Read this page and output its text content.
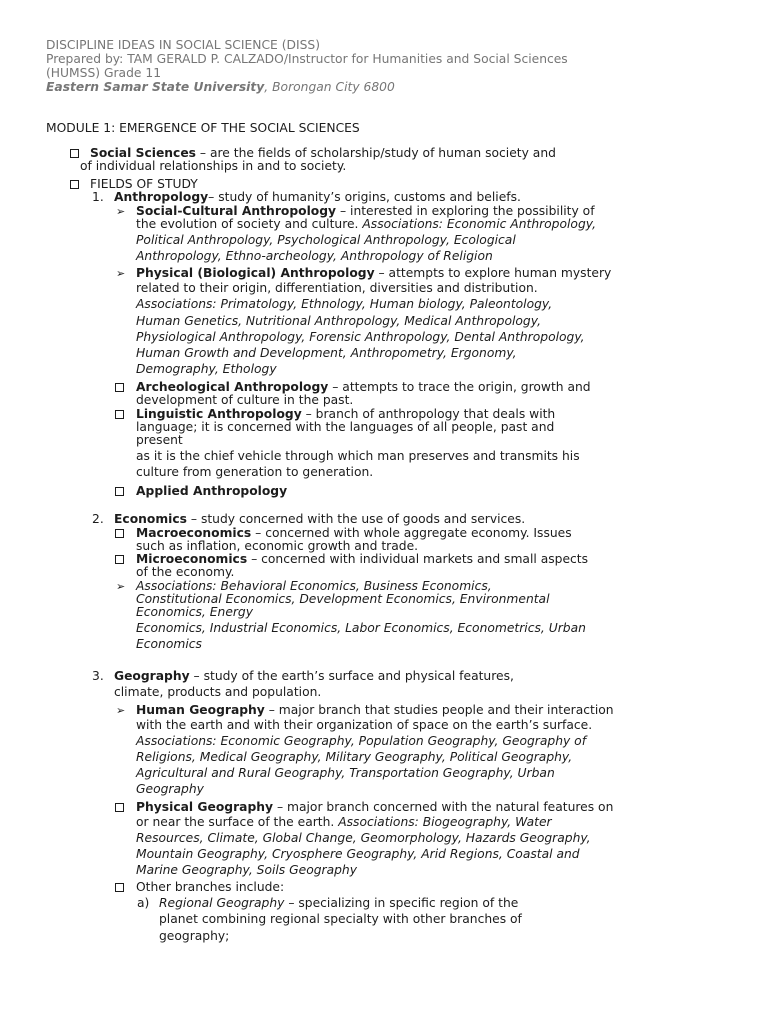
DISCIPLINE IDEAS IN SOCIAL SCIENCE (DISS)
Prepared by: TAM GERALD P. CALZADO/Instructor for Humanities and Social Sciences
(HUMSS) Grade 11
Eastern Samar State University, Borongan City 6800
MODULE 1: EMERGENCE OF THE SOCIAL SCIENCES
Social Sciences – are the fields of scholarship/study of human society and
of individual relationships in and to society.
FIELDS OF STUDY
1. Anthropology– study of humanity’s origins, customs and beliefs.
➢ Social-Cultural Anthropology – interested in exploring the possibility of
the evolution of society and culture. Associations: Economic Anthropology,
Political Anthropology, Psychological Anthropology, Ecological
Anthropology, Ethno-archeology, Anthropology of Religion
➢ Physical (Biological) Anthropology – attempts to explore human mystery
related to their origin, differentiation, diversities and distribution.
Associations: Primatology, Ethnology, Human biology, Paleontology,
Human Genetics, Nutritional Anthropology, Medical Anthropology,
Physiological Anthropology, Forensic Anthropology, Dental Anthropology,
Human Growth and Development, Anthropometry, Ergonomy,
Demography, Ethology
Archeological Anthropology – attempts to trace the origin, growth and
development of culture in the past.
Linguistic Anthropology – branch of anthropology that deals with
language; it is concerned with the languages of all people, past and
present
as it is the chief vehicle through which man preserves and transmits his
culture from generation to generation.
Applied Anthropology
2. Economics – study concerned with the use of goods and services.
Macroeconomics – concerned with whole aggregate economy. Issues
such as inflation, economic growth and trade.
Microeconomics – concerned with individual markets and small aspects
of the economy.
➢ Associations: Behavioral Economics, Business Economics,
Constitutional Economics, Development Economics, Environmental
Economics, Energy
Economics, Industrial Economics, Labor Economics, Econometrics, Urban
Economics
3. Geography – study of the earth’s surface and physical features,
climate, products and population.
➢ Human Geography – major branch that studies people and their interaction
with the earth and with their organization of space on the earth’s surface.
Associations: Economic Geography, Population Geography, Geography of
Religions, Medical Geography, Military Geography, Political Geography,
Agricultural and Rural Geography, Transportation Geography, Urban
Geography
Physical Geography – major branch concerned with the natural features on
or near the surface of the earth. Associations: Biogeography, Water
Resources, Climate, Global Change, Geomorphology, Hazards Geography,
Mountain Geography, Cryosphere Geography, Arid Regions, Coastal and
Marine Geography, Soils Geography
Other branches include:
a) Regional Geography – specializing in specific region of the
planet combining regional specialty with other branches of
geography;
